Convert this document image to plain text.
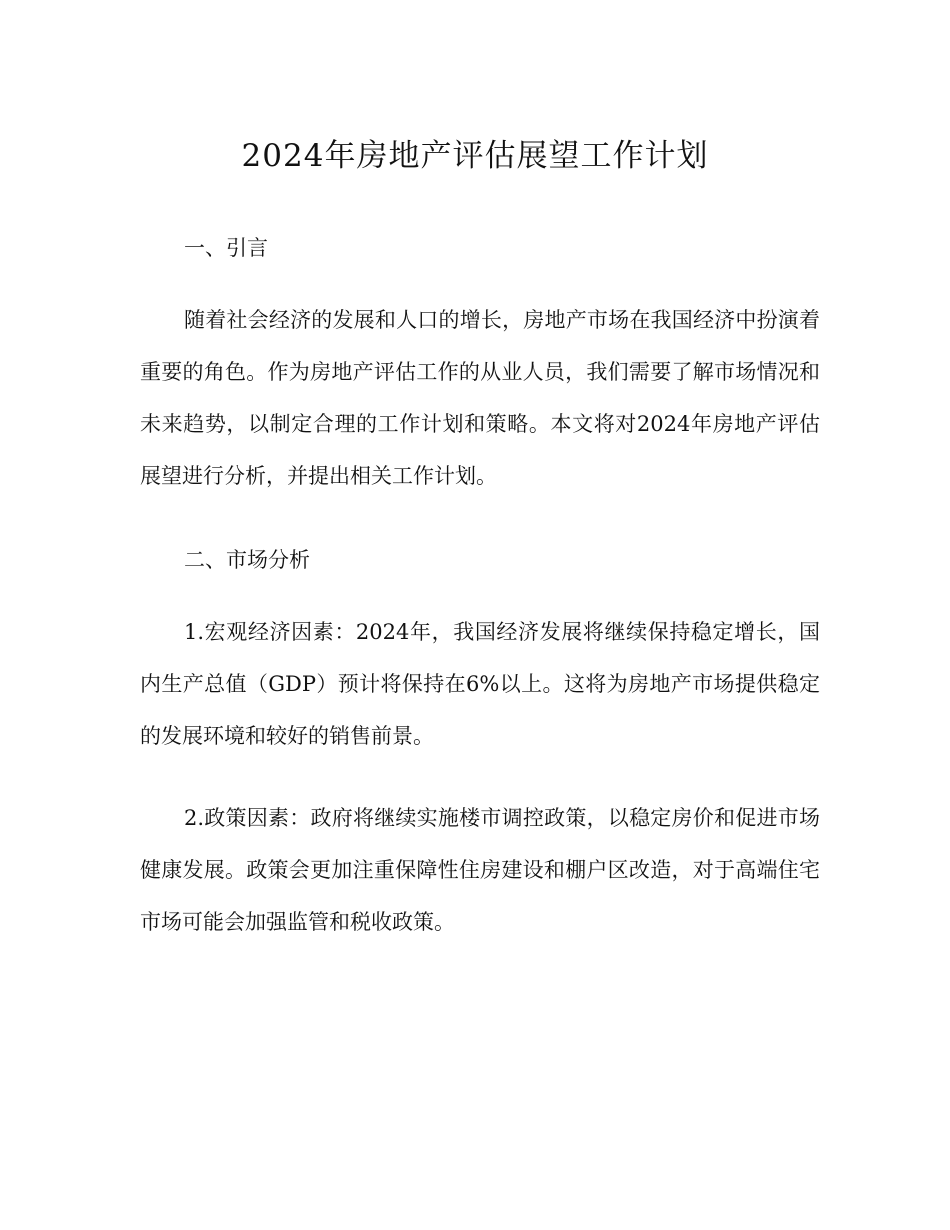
2024年房地产评估展望工作计划

一、引言

随着社会经济的发展和人口的增长，房地产市场在我国经济中扮演着重要的角色。作为房地产评估工作的从业人员，我们需要了解市场情况和未来趋势，以制定合理的工作计划和策略。本文将对2024年房地产评估展望进行分析，并提出相关工作计划。

二、市场分析

1.宏观经济因素：2024年，我国经济发展将继续保持稳定增长，国内生产总值（GDP）预计将保持在6%以上。这将为房地产市场提供稳定的发展环境和较好的销售前景。

2.政策因素：政府将继续实施楼市调控政策，以稳定房价和促进市场健康发展。政策会更加注重保障性住房建设和棚户区改造，对于高端住宅市场可能会加强监管和税收政策。
